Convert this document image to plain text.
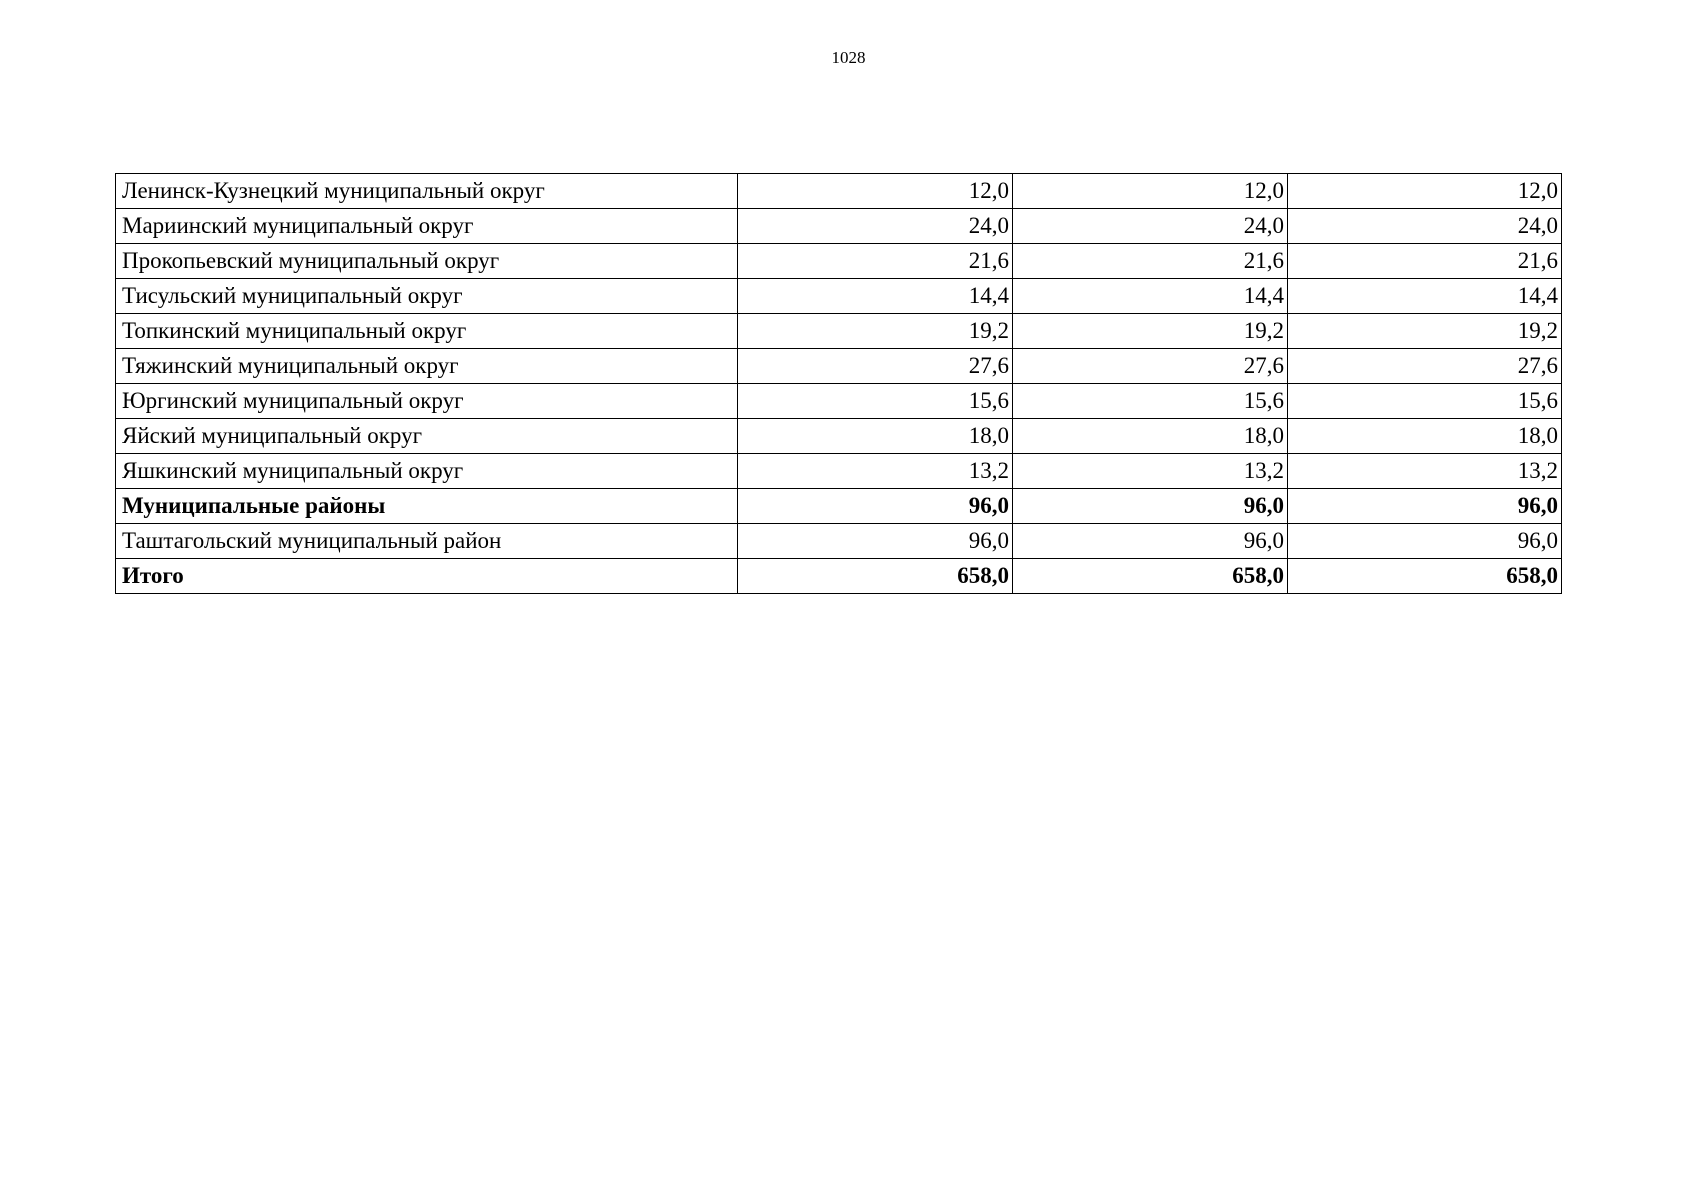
1028
Ленинск-Кузнецкий муниципальный округ	12,0	12,0	12,0
Мариинский муниципальный округ	24,0	24,0	24,0
Прокопьевский муниципальный округ	21,6	21,6	21,6
Тисульский муниципальный округ	14,4	14,4	14,4
Топкинский муниципальный округ	19,2	19,2	19,2
Тяжинский муниципальный округ	27,6	27,6	27,6
Юргинский муниципальный округ	15,6	15,6	15,6
Яйский муниципальный округ	18,0	18,0	18,0
Яшкинский муниципальный округ	13,2	13,2	13,2
Муниципальные районы	96,0	96,0	96,0
Таштагольский муниципальный район	96,0	96,0	96,0
Итого	658,0	658,0	658,0
